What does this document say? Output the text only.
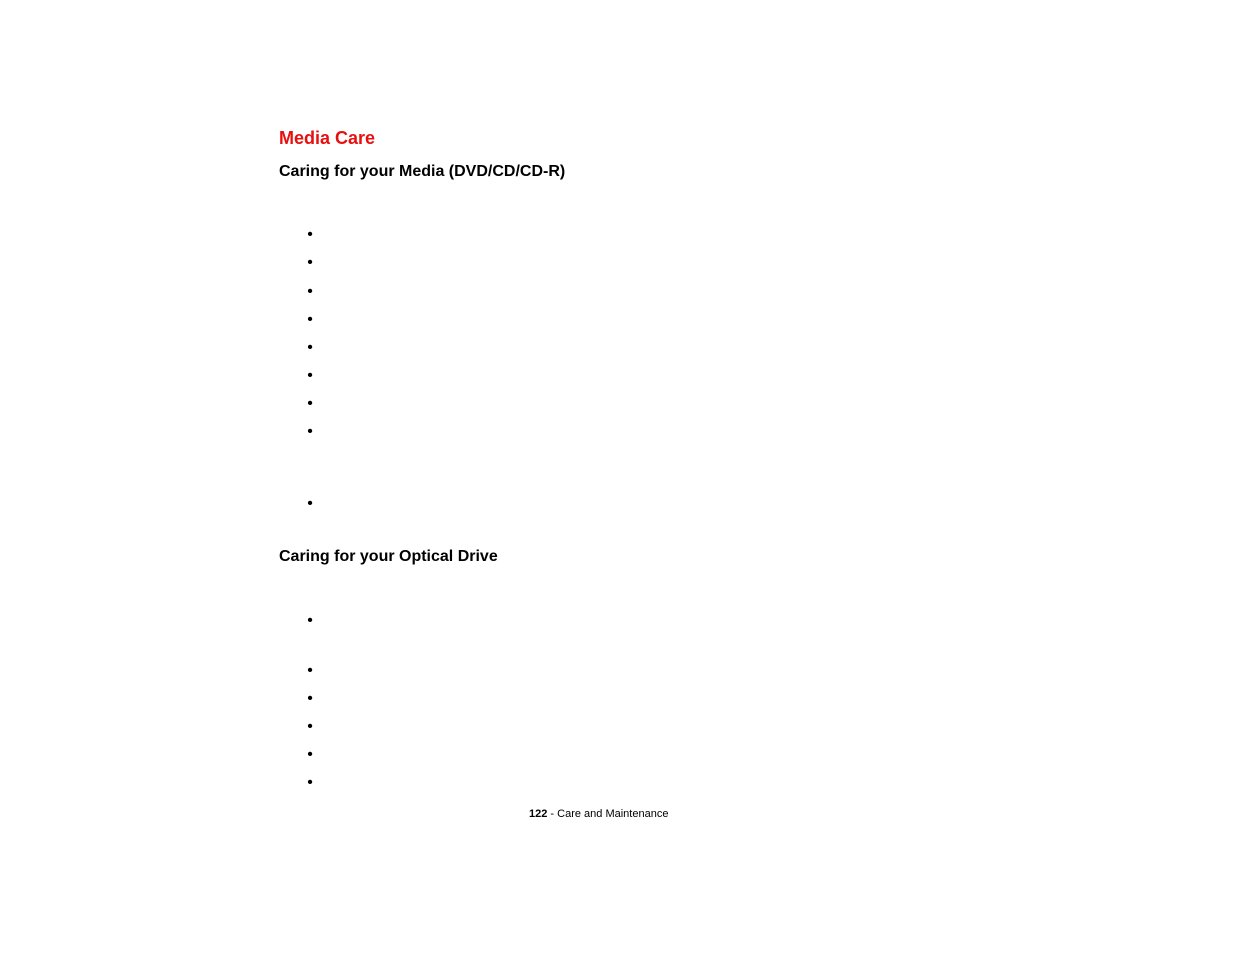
Media Care
Caring for your Media (DVD/CD/CD-R)
•
•
•
•
•
•
•
•
•
Caring for your Optical Drive
•
•
•
•
•
•
122 - Care and Maintenance
